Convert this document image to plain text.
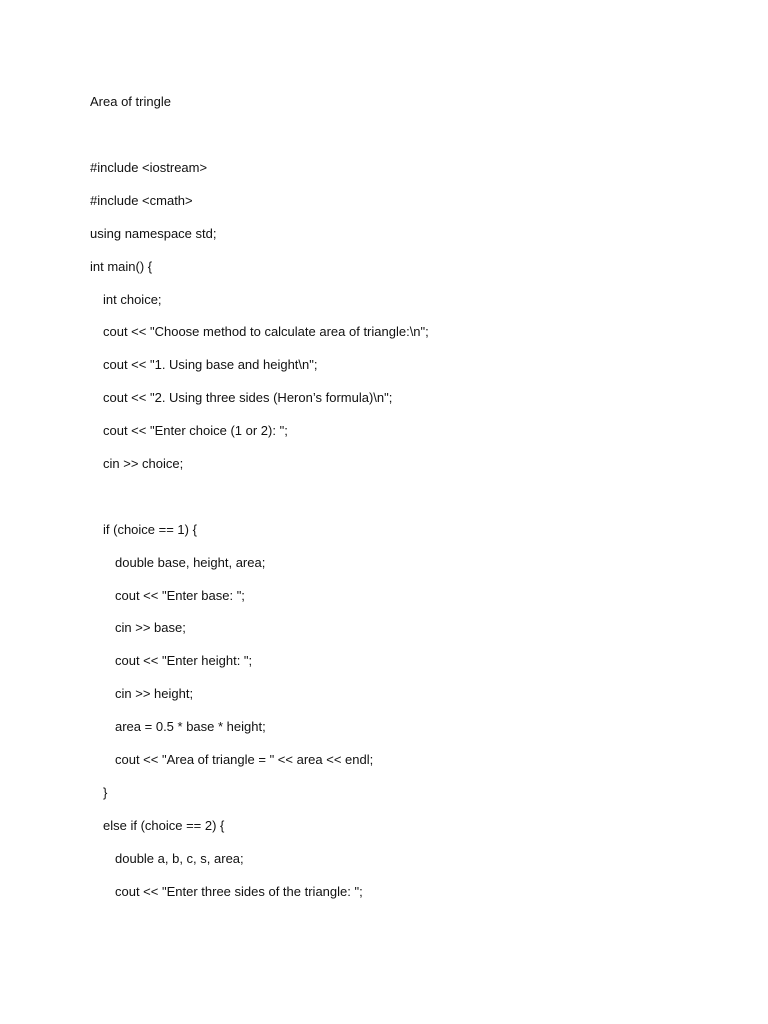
Area of tringle
#include <iostream>
#include <cmath>
using namespace std;
int main() {
int choice;
cout << "Choose method to calculate area of triangle:\n";
cout << "1. Using base and height\n";
cout << "2. Using three sides (Heron’s formula)\n";
cout << "Enter choice (1 or 2): ";
cin >> choice;
if (choice == 1) {
double base, height, area;
cout << "Enter base: ";
cin >> base;
cout << "Enter height: ";
cin >> height;
area = 0.5 * base * height;
cout << "Area of triangle = " << area << endl;
}
else if (choice == 2) {
double a, b, c, s, area;
cout << "Enter three sides of the triangle: ";
